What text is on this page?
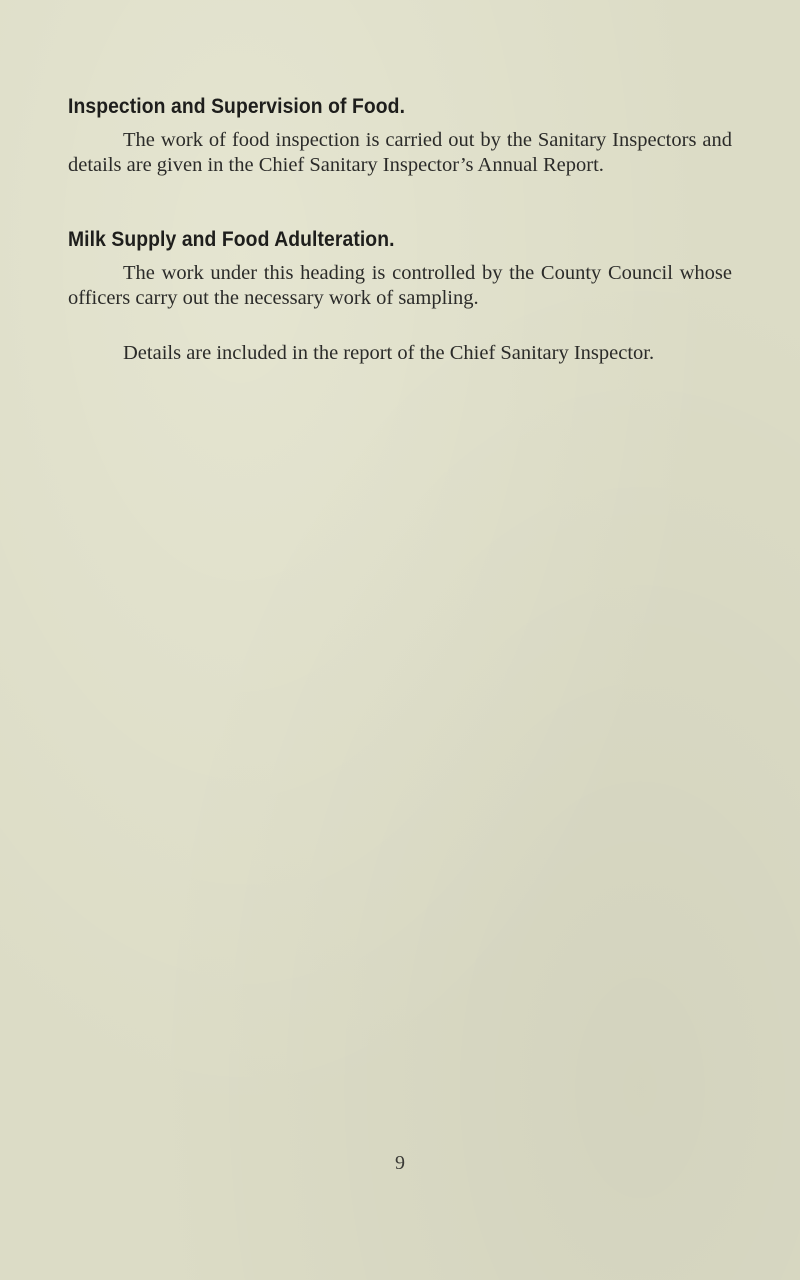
Inspection and Supervision of Food.

The work of food inspection is carried out by the Sanitary Inspectors and details are given in the Chief Sanitary Inspector’s Annual Report.

Milk Supply and Food Adulteration.

The work under this heading is controlled by the County Council whose officers carry out the necessary work of sampling.

Details are included in the report of the Chief Sanitary Inspector.

9
